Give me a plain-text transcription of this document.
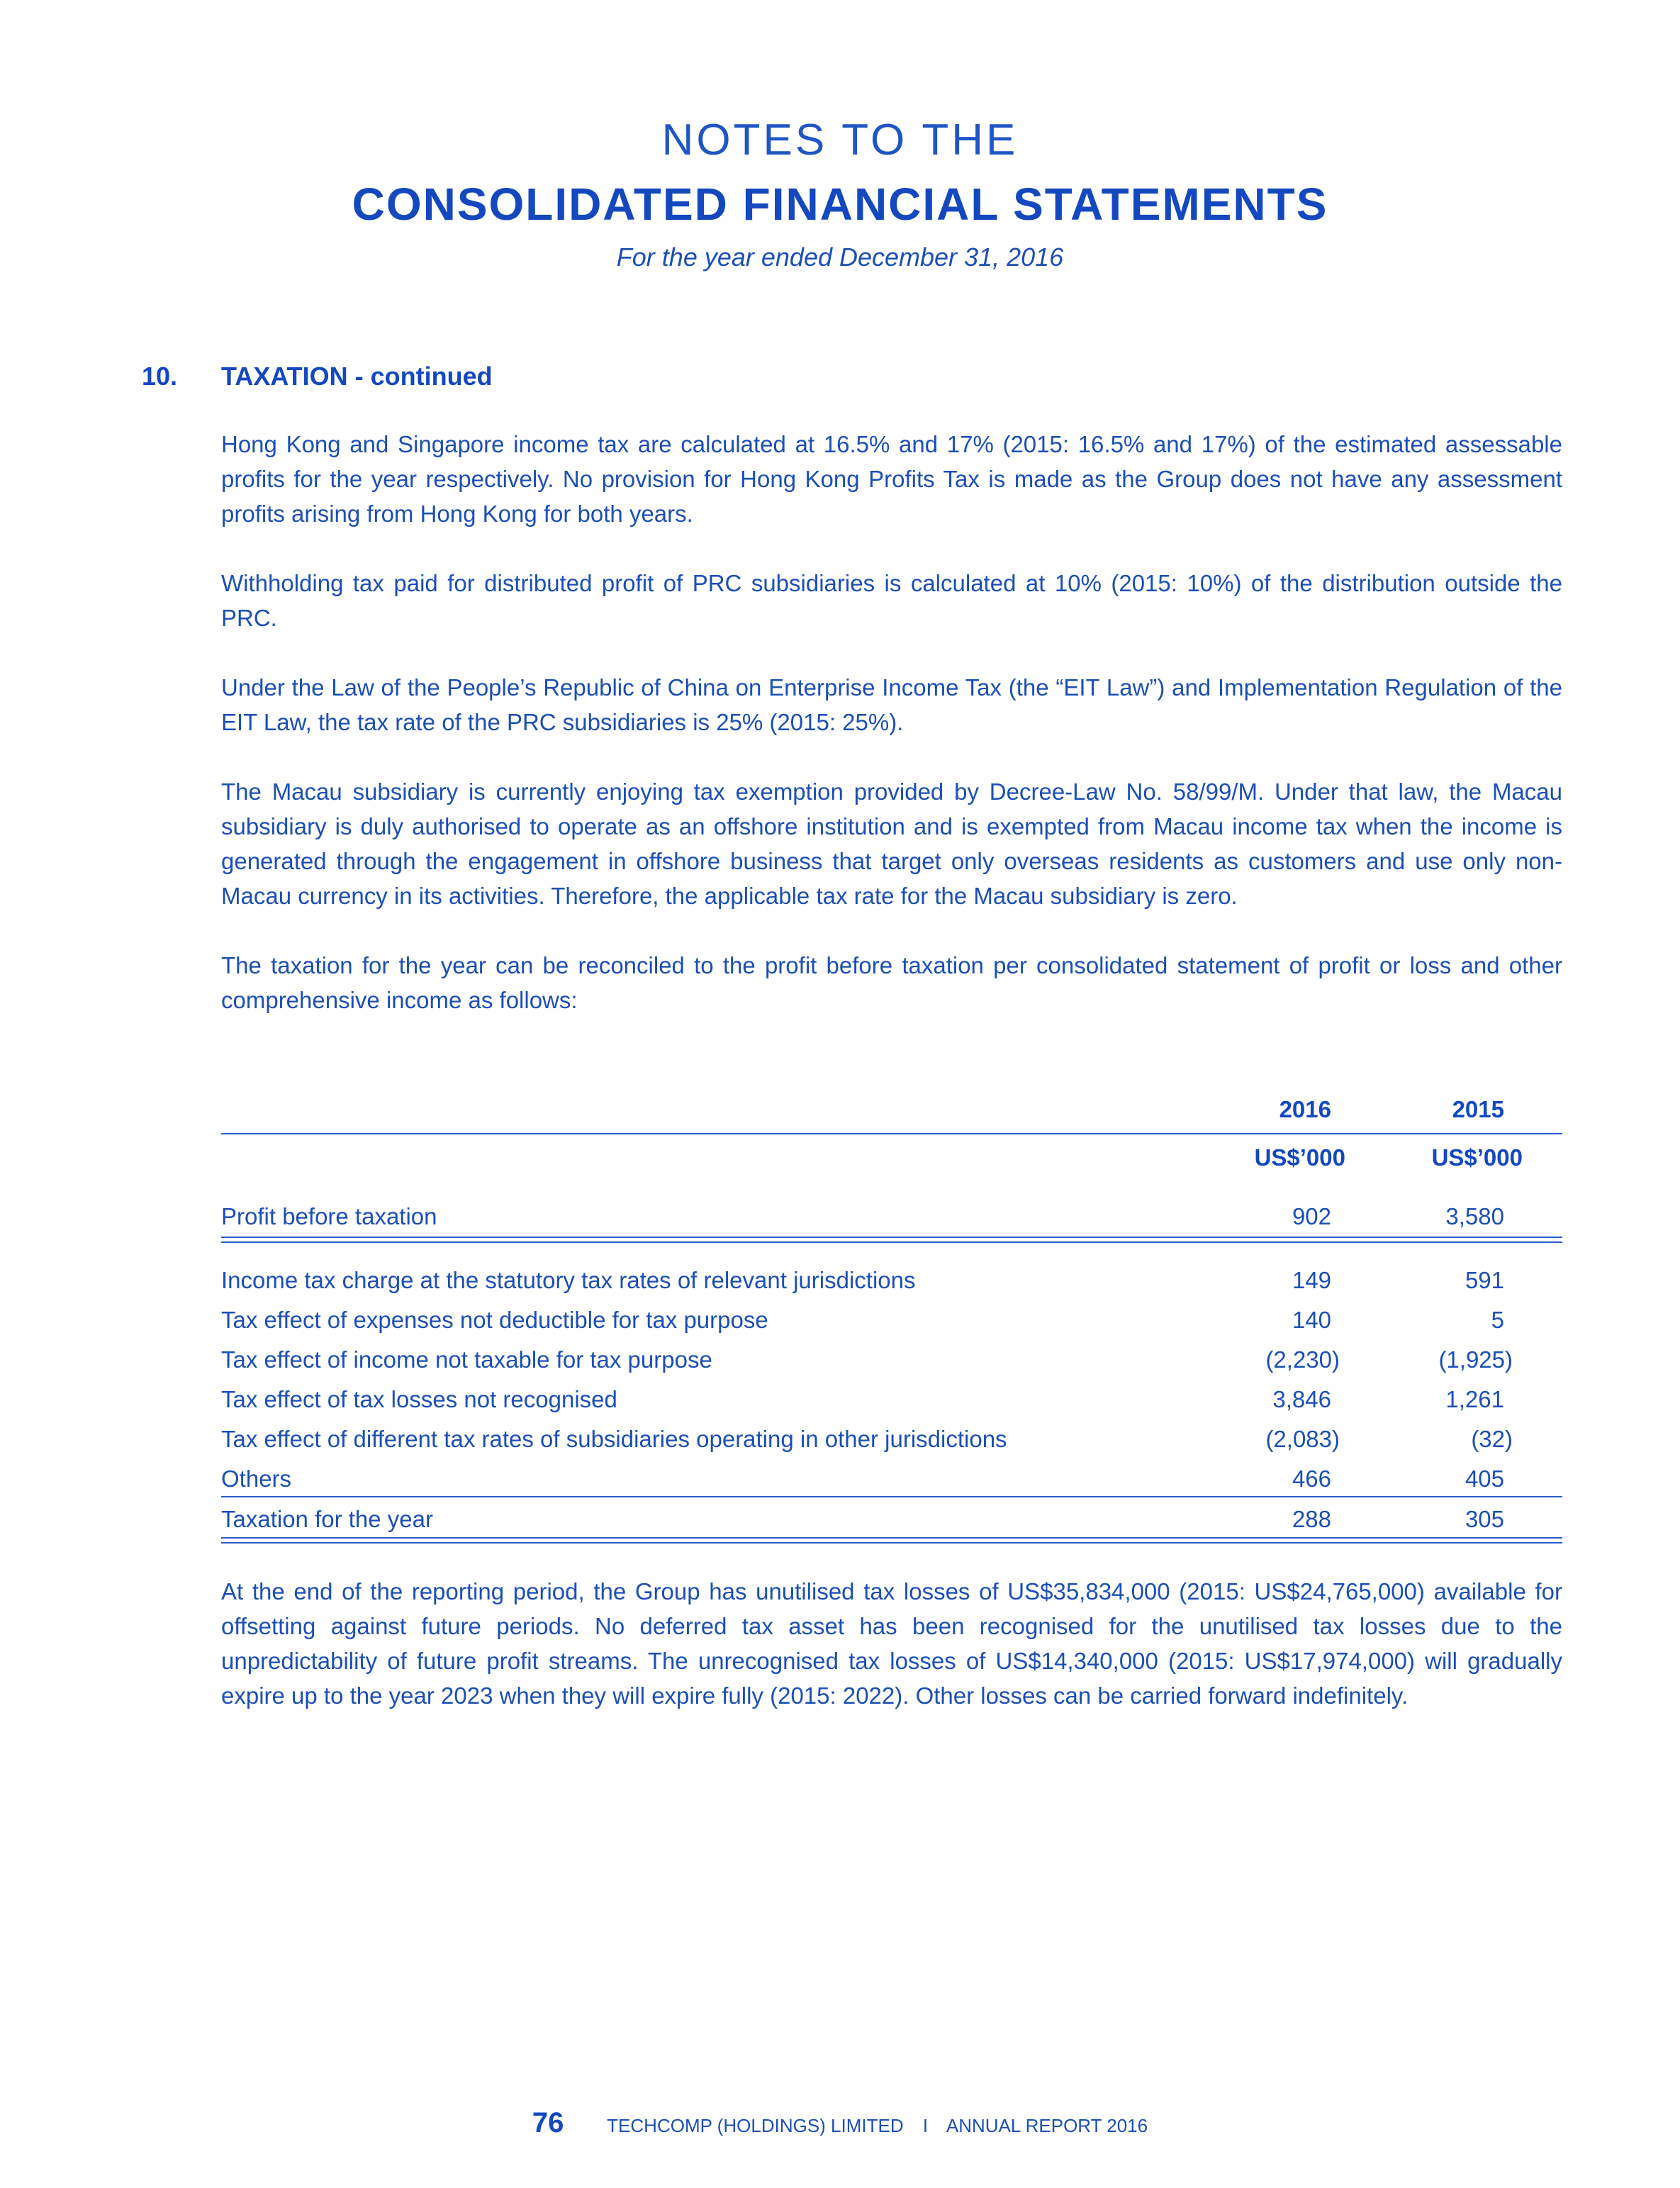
NOTES TO THE
CONSOLIDATED FINANCIAL STATEMENTS
For the year ended December 31, 2016
10. TAXATION - continued

Hong Kong and Singapore income tax are calculated at 16.5% and 17% (2015: 16.5% and 17%) of the estimated assessable profits for the year respectively. No provision for Hong Kong Profits Tax is made as the Group does not have any assessment profits arising from Hong Kong for both years.

Withholding tax paid for distributed profit of PRC subsidiaries is calculated at 10% (2015: 10%) of the distribution outside the PRC.

Under the Law of the People’s Republic of China on Enterprise Income Tax (the “EIT Law”) and Implementation Regulation of the EIT Law, the tax rate of the PRC subsidiaries is 25% (2015: 25%).

The Macau subsidiary is currently enjoying tax exemption provided by Decree-Law No. 58/99/M. Under that law, the Macau subsidiary is duly authorised to operate as an offshore institution and is exempted from Macau income tax when the income is generated through the engagement in offshore business that target only overseas residents as customers and use only non-Macau currency in its activities. Therefore, the applicable tax rate for the Macau subsidiary is zero.

The taxation for the year can be reconciled to the profit before taxation per consolidated statement of profit or loss and other comprehensive income as follows:

2016	2015
US$’000	US$’000
Profit before taxation	902	3,580
Income tax charge at the statutory tax rates of relevant jurisdictions	149	591
Tax effect of expenses not deductible for tax purpose	140	5
Tax effect of income not taxable for tax purpose	(2,230)	(1,925)
Tax effect of tax losses not recognised	3,846	1,261
Tax effect of different tax rates of subsidiaries operating in other jurisdictions	(2,083)	(32)
Others	466	405
Taxation for the year	288	305
At the end of the reporting period, the Group has unutilised tax losses of US$35,834,000 (2015: US$24,765,000) available for offsetting against future periods. No deferred tax asset has been recognised for the unutilised tax losses due to the unpredictability of future profit streams. The unrecognised tax losses of US$14,340,000 (2015: US$17,974,000) will gradually expire up to the year 2023 when they will expire fully (2015: 2022). Other losses can be carried forward indefinitely.
76 TECHCOMP (HOLDINGS) LIMITED I ANNUAL REPORT 2016
